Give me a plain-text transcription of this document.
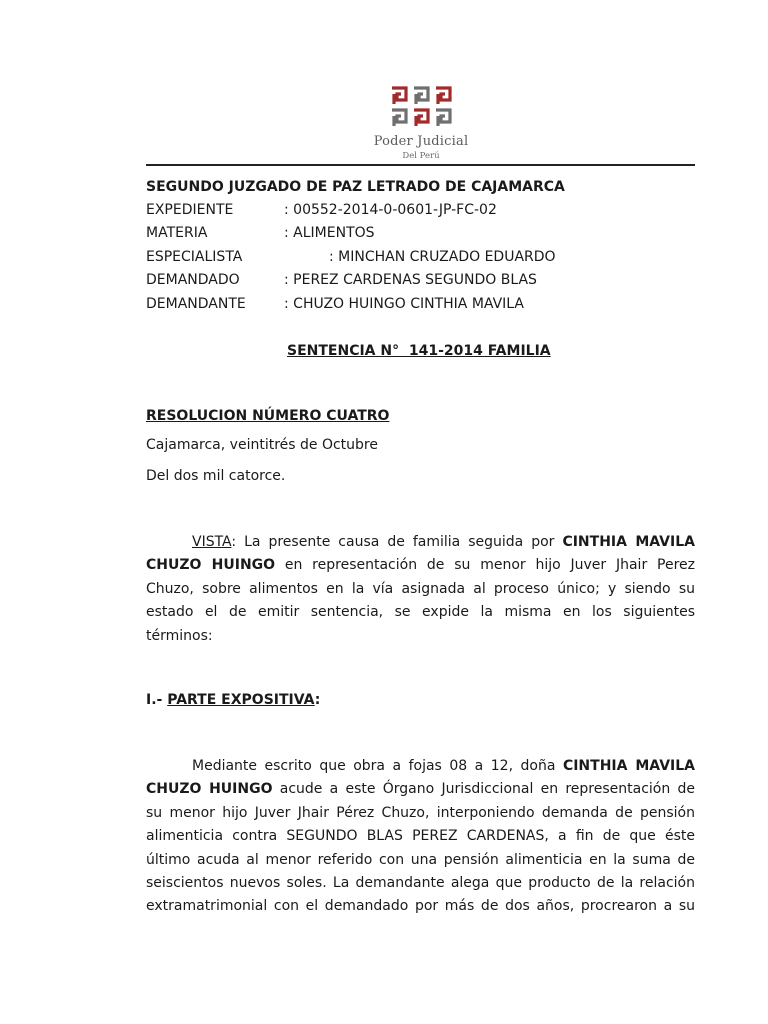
Poder Judicial
Del Perú
SEGUNDO JUZGADO DE PAZ LETRADO DE CAJAMARCA
EXPEDIENTE	: 00552-2014-0-0601-JP-FC-02
MATERIA	: ALIMENTOS
ESPECIALISTA	: MINCHAN CRUZADO EDUARDO
DEMANDADO	: PEREZ CARDENAS SEGUNDO BLAS
DEMANDANTE	: CHUZO HUINGO CINTHIA MAVILA
SENTENCIA N°  141-2014 FAMILIA
RESOLUCION NÚMERO CUATRO
Cajamarca, veintitrés de Octubre
Del dos mil catorce.
VISTA: La presente causa de familia seguida por CINTHIA MAVILA
CHUZO HUINGO en representación de su menor hijo Juver Jhair Perez
Chuzo, sobre alimentos en la vía asignada al proceso único; y siendo su
estado el de emitir sentencia, se expide la misma en los siguientes
términos:
I.- PARTE EXPOSITIVA:
Mediante escrito que obra a fojas 08 a 12, doña CINTHIA MAVILA
CHUZO HUINGO acude a este Órgano Jurisdiccional en representación de
su menor hijo Juver Jhair Pérez Chuzo, interponiendo demanda de pensión
alimenticia contra SEGUNDO BLAS PEREZ CARDENAS, a fin de que éste
último acuda al menor referido con una pensión alimenticia en la suma de
seiscientos nuevos soles. La demandante alega que producto de la relación
extramatrimonial con el demandado por más de dos años, procrearon a su
